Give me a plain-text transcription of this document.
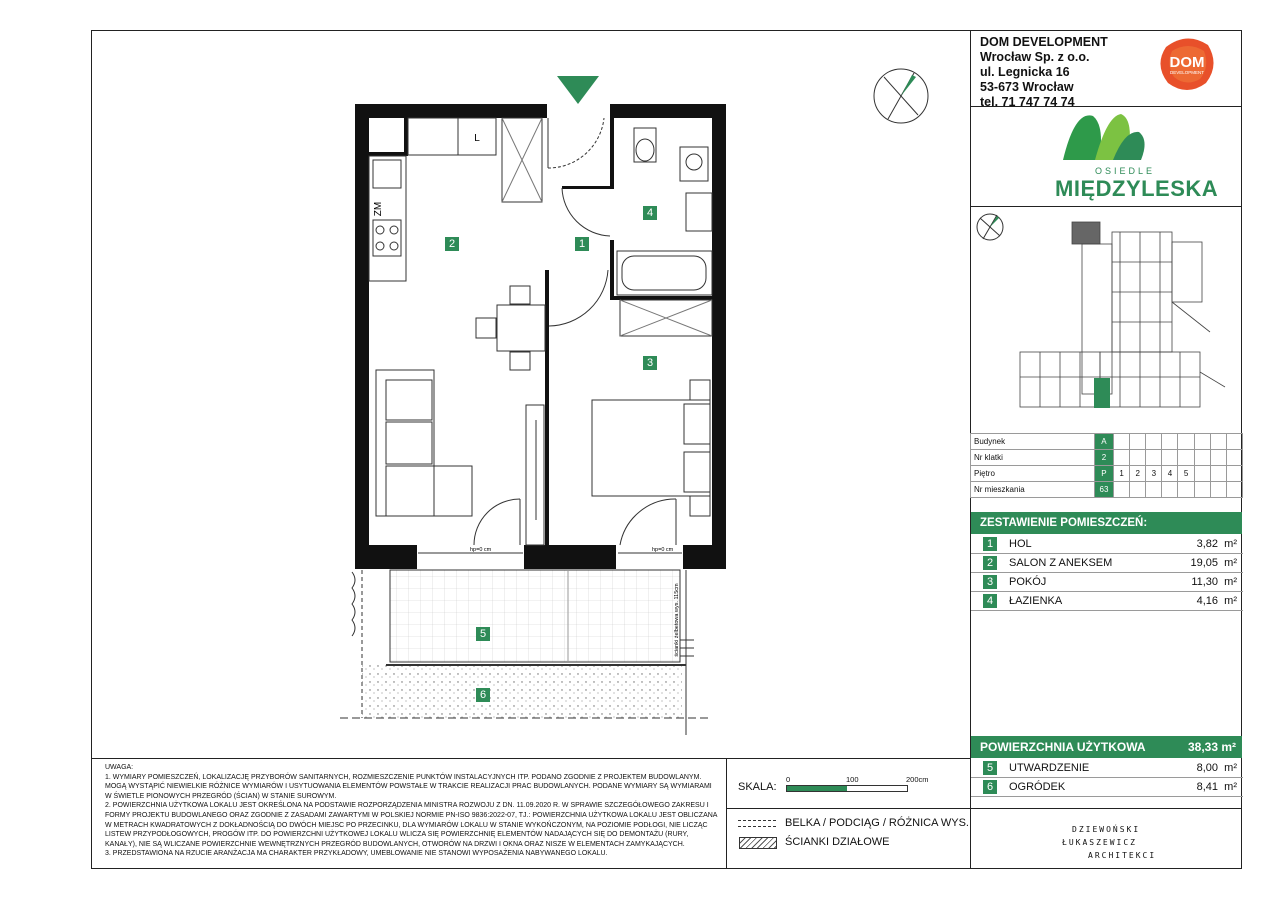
DOM DEVELOPMENT
Wrocław Sp. z o.o.
ul. Legnicka 16
53-673 Wrocław
tel. 71 747 74 74
DOM
DEVELOPMENT
OSIEDLE
MIĘDZYLESKA
Budynek	A								
Nr klatki	2								
Piętro	P	1	2	3	4	5			
Nr mieszkania	63								
ZESTAWIENIE POMIESZCZEŃ:
1	HOL	3,82 m²
2	SALON Z ANEKSEM	19,05 m²
3	POKÓJ	11,30 m²
4	ŁAZIENKA	4,16 m²
POWIERZCHNIA UŻYTKOWA	38,33 m²
5	UTWARDZENIE	8,00 m²
6	OGRÓDEK	8,41 m²
L
ZM
hp=0 cm	hp=0 cm
ścianki żelbetowa wys. 115cm
1
2
3
4
5
6

UWAGA:

1. WYMIARY POMIESZCZEŃ, LOKALIZACJĘ PRZYBORÓW SANITARNYCH, ROZMIESZCZENIE PUNKTÓW INSTALACYJNYCH ITP. PODANO ZGODNIE Z PROJEKTEM BUDOWLANYM. MOGĄ WYSTĄPIĆ NIEWIELKIE RÓŻNICE WYMIARÓW I USYTUOWANIA ELEMENTÓW POWSTAŁE W TRAKCIE REALIZACJI PRAC BUDOWLANYCH. PODANE WYMIARY SĄ WYMIARAMI W ŚWIETLE PIONOWYCH PRZEGRÓD (ŚCIAN) W STANIE SUROWYM.

2. POWIERZCHNIA UŻYTKOWA LOKALU JEST OKREŚLONA NA PODSTAWIE ROZPORZĄDZENIA MINISTRA ROZWOJU Z DN. 11.09.2020 R. W SPRAWIE SZCZEGÓŁOWEGO ZAKRESU I FORMY PROJEKTU BUDOWLANEGO ORAZ ZGODNIE Z ZASADAMI ZAWARTYMI W POLSKIEJ NORMIE PN-ISO 9836:2022-07, TJ.: POWIERZCHNIA UŻYTKOWA LOKALU JEST OBLICZANA W METRACH KWADRATOWYCH Z DOKŁADNOŚCIĄ DO DWÓCH MIEJSC PO PRZECINKU, DLA WYMIARÓW LOKALU W STANIE WYKOŃCZONYM, NA POZIOMIE PODŁOGI, NIE LICZĄC LISTEW PRZYPODŁOGOWYCH, PROGÓW ITP. DO POWIERZCHNI UŻYTKOWEJ LOKALU WLICZA SIĘ POWIERZCHNIĘ ELEMENTÓW NADAJĄCYCH SIĘ DO DEMONTAŻU (RURY, KANAŁY), NIE SĄ WLICZANE POWIERZCHNIE WEWNĘTRZNYCH PRZEGRÓD BUDOWLANYCH, OTWORÓW NA DRZWI I OKNA ORAZ NISZE W ELEMENTACH ZAMYKAJĄCYCH.

3. PRZEDSTAWIONA NA RZUCIE ARANŻACJA MA CHARAKTER PRZYKŁADOWY, UMEBLOWANIE NIE STANOWI WYPOSAŻENIA NABYWANEGO LOKALU.

SKALA:
0	100	200cm
BELKA / PODCIĄG / RÓŻNICA WYS.
ŚCIANKI DZIAŁOWE
DZIEWOŃSKI
ŁUKASZEWICZ
ARCHITEKCI
